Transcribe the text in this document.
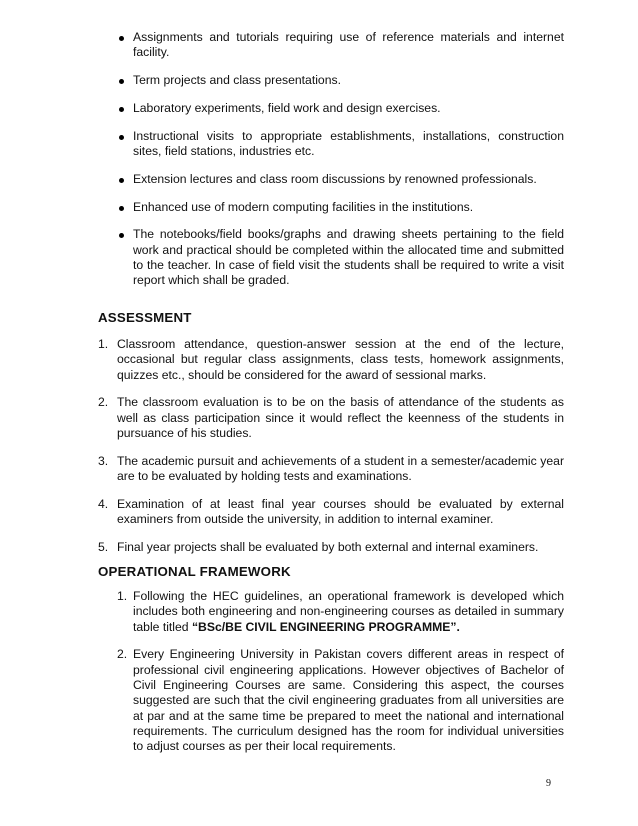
Assignments and tutorials requiring use of reference materials and internet facility.
Term projects and class presentations.
Laboratory experiments, field work and design exercises.
Instructional visits to appropriate establishments, installations, construction sites, field stations, industries etc.
Extension lectures and class room discussions by renowned professionals.
Enhanced use of modern computing facilities in the institutions.
The notebooks/field books/graphs and drawing sheets pertaining to the field work and practical should be completed within the allocated time and submitted to the teacher. In case of field visit the students shall be required to write a visit report which shall be graded.
ASSESSMENT
1. Classroom attendance, question-answer session at the end of the lecture, occasional but regular class assignments, class tests, homework assignments, quizzes etc., should be considered for the award of sessional marks.
2. The classroom evaluation is to be on the basis of attendance of the students as well as class participation since it would reflect the keenness of the students in pursuance of his studies.
3. The academic pursuit and achievements of a student in a semester/academic year are to be evaluated by holding tests and examinations.
4. Examination of at least final year courses should be evaluated by external examiners from outside the university, in addition to internal examiner.
5. Final year projects shall be evaluated by both external and internal examiners.
OPERATIONAL FRAMEWORK
1. Following the HEC guidelines, an operational framework is developed which includes both engineering and non-engineering courses as detailed in summary table titled “BSc/BE CIVIL ENGINEERING PROGRAMME”.
2. Every Engineering University in Pakistan covers different areas in respect of professional civil engineering applications. However objectives of Bachelor of Civil Engineering Courses are same. Considering this aspect, the courses suggested are such that the civil engineering graduates from all universities are at par and at the same time be prepared to meet the national and international requirements. The curriculum designed has the room for individual universities to adjust courses as per their local requirements.
9
